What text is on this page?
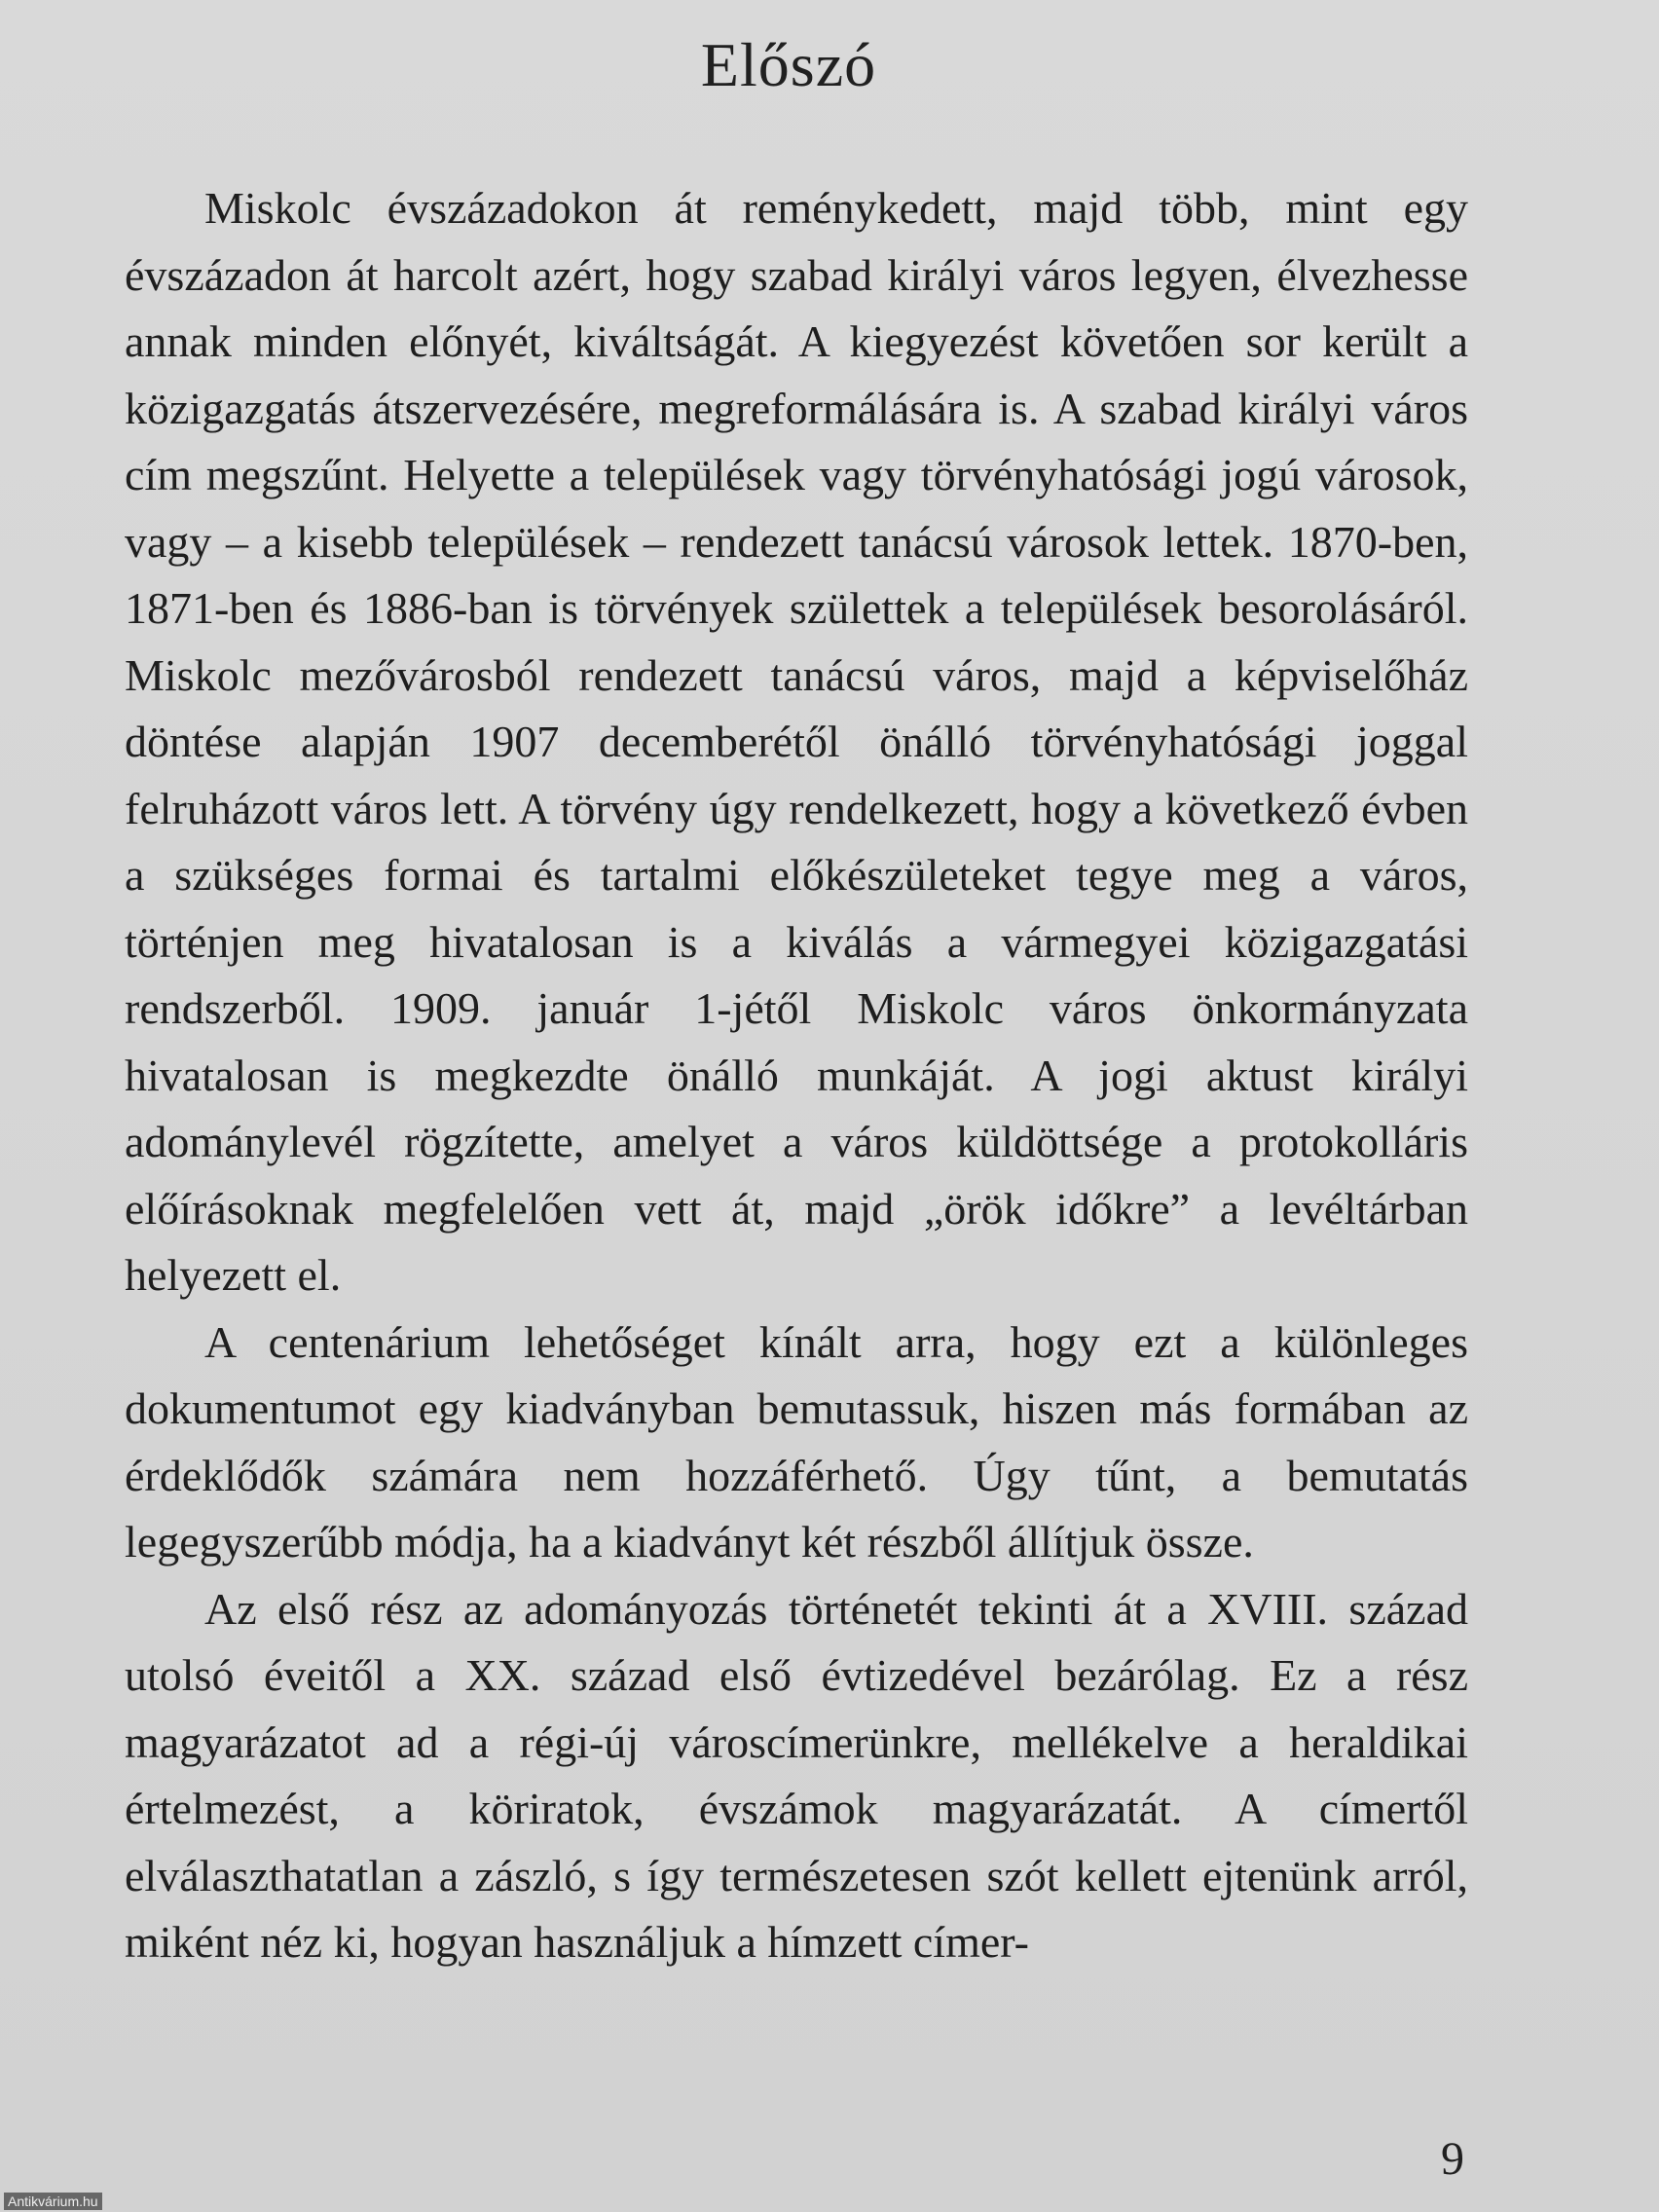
Előszó

Miskolc évszázadokon át reménykedett, majd több, mint egy évszázadon át harcolt azért, hogy szabad királyi város legyen, élvezhesse annak minden előnyét, kiváltságát. A kiegyezést követően sor került a közigazgatás átszervezésére, megreformálására is. A szabad királyi város cím megszűnt. Helyette a települések vagy törvényhatósági jogú városok, vagy – a kisebb települések – rendezett tanácsú városok lettek. 1870-ben, 1871-ben és 1886-ban is törvények születtek a települések besorolásáról. Miskolc mezővárosból rendezett tanácsú város, majd a képviselőház döntése alapján 1907 decemberétől önálló törvényhatósági joggal felruházott város lett. A törvény úgy rendelkezett, hogy a következő évben a szükséges formai és tartalmi előkészületeket tegye meg a város, történjen meg hivatalosan is a kiválás a vármegyei közigazgatási rendszerből. 1909. január 1-jétől Miskolc város önkormányzata hivatalosan is megkezdte önálló munkáját. A jogi aktust királyi adománylevél rögzítette, amelyet a város küldöttsége a protokolláris előírásoknak megfelelően vett át, majd „örök időkre” a levéltárban helyezett el.

A centenárium lehetőséget kínált arra, hogy ezt a különleges dokumentumot egy kiadványban bemutassuk, hiszen más formában az érdeklődők számára nem hozzáférhető. Úgy tűnt, a bemutatás legegyszerűbb módja, ha a kiadványt két részből állítjuk össze.

Az első rész az adományozás történetét tekinti át a XVIII. század utolsó éveitől a XX. század első évtizedével bezárólag. Ez a rész magyarázatot ad a régi-új városcímerünkre, mellékelve a heraldikai értelmezést, a köriratok, évszámok magyarázatát. A címertől elválaszthatatlan a zászló, s így természetesen szót kellett ejtenünk arról, miként néz ki, hogyan használjuk a hímzett címer-

9
Antikvárium.hu
